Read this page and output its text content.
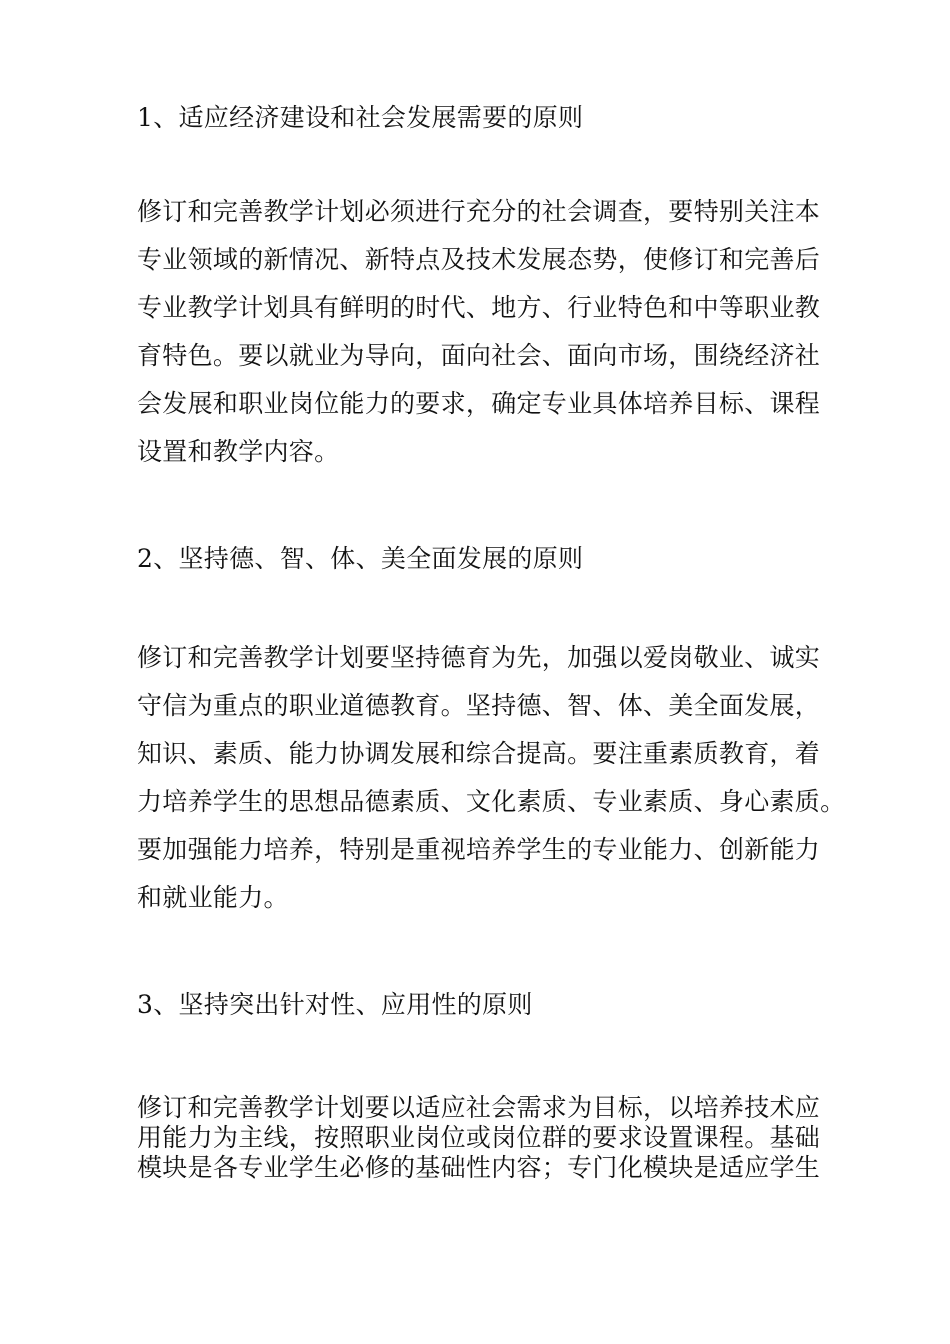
1、适应经济建设和社会发展需要的原则
修订和完善教学计划必须进行充分的社会调查，要特别关注本
专业领域的新情况、新特点及技术发展态势，使修订和完善后
专业教学计划具有鲜明的时代、地方、行业特色和中等职业教
育特色。要以就业为导向，面向社会、面向市场，围绕经济社
会发展和职业岗位能力的要求，确定专业具体培养目标、课程
设置和教学内容。
2、坚持德、智、体、美全面发展的原则
修订和完善教学计划要坚持德育为先，加强以爱岗敬业、诚实
守信为重点的职业道德教育。坚持德、智、体、美全面发展，
知识、素质、能力协调发展和综合提高。要注重素质教育，着
力培养学生的思想品德素质、文化素质、专业素质、身心素质。
要加强能力培养，特别是重视培养学生的专业能力、创新能力
和就业能力。
3、坚持突出针对性、应用性的原则
修订和完善教学计划要以适应社会需求为目标，以培养技术应
用能力为主线，按照职业岗位或岗位群的要求设置课程。基础
模块是各专业学生必修的基础性内容；专门化模块是适应学生
